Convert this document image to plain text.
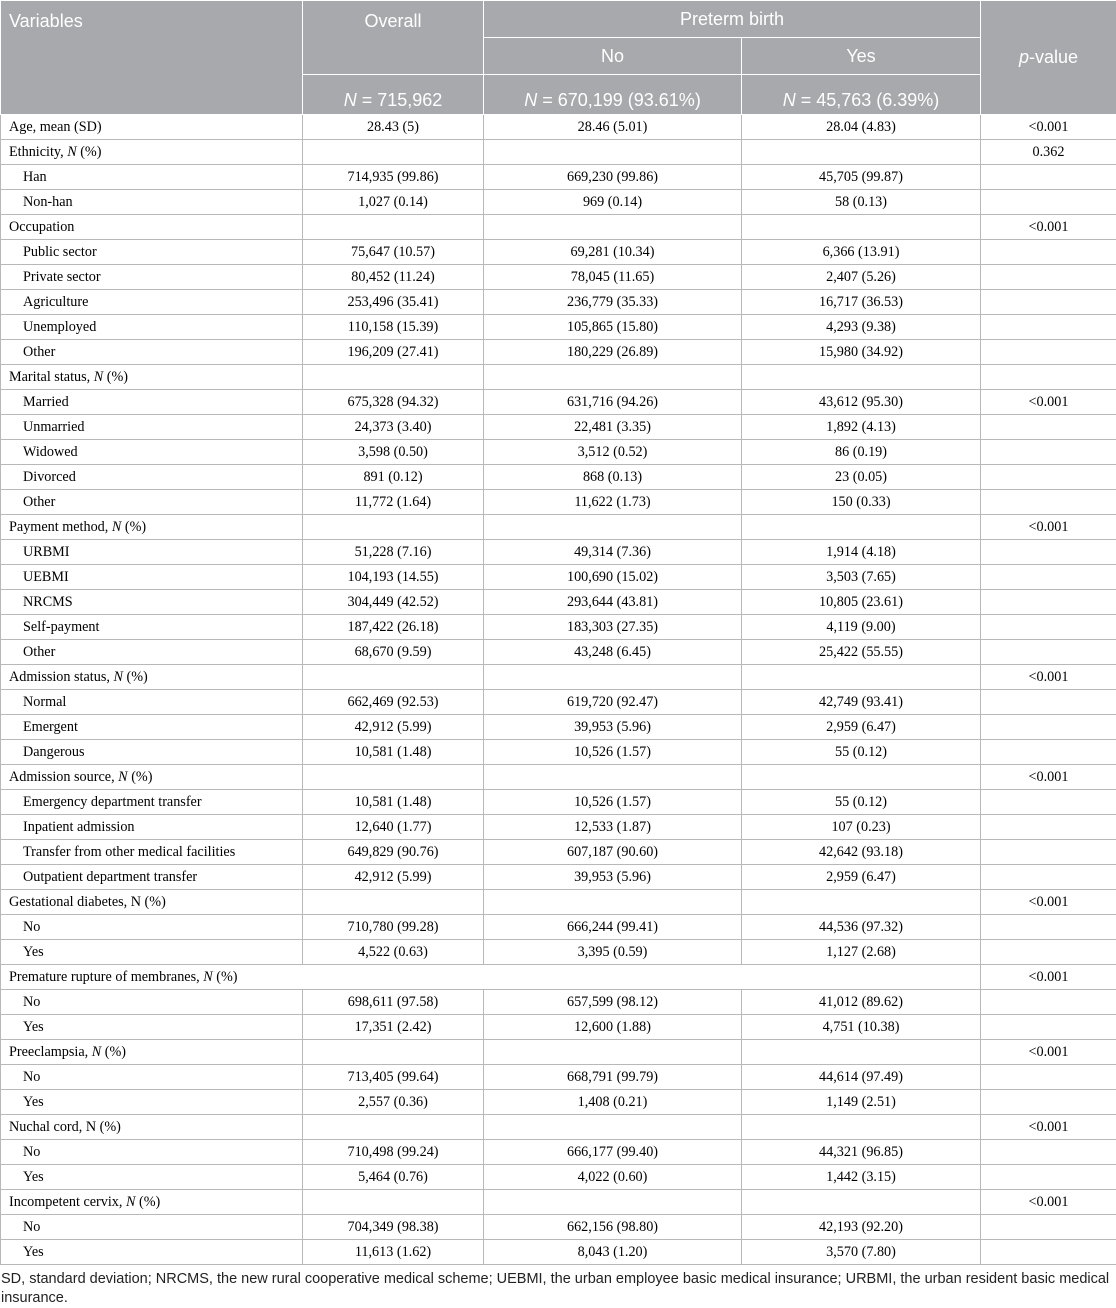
Variables	Overall	Preterm birth		p-value
		No	Yes	
	N = 715,962	N = 670,199 (93.61%)	N = 45,763 (6.39%)	
Age, mean (SD)	28.43 (5)	28.46 (5.01)	28.04 (4.83)	<0.001
Ethnicity, N (%)				0.362
Han	714,935 (99.86)	669,230 (99.86)	45,705 (99.87)	
Non-han	1,027 (0.14)	969 (0.14)	58 (0.13)	
Occupation				<0.001
Public sector	75,647 (10.57)	69,281 (10.34)	6,366 (13.91)	
Private sector	80,452 (11.24)	78,045 (11.65)	2,407 (5.26)	
Agriculture	253,496 (35.41)	236,779 (35.33)	16,717 (36.53)	
Unemployed	110,158 (15.39)	105,865 (15.80)	4,293 (9.38)	
Other	196,209 (27.41)	180,229 (26.89)	15,980 (34.92)	
Marital status, N (%)				
Married	675,328 (94.32)	631,716 (94.26)	43,612 (95.30)	<0.001
Unmarried	24,373 (3.40)	22,481 (3.35)	1,892 (4.13)	
Widowed	3,598 (0.50)	3,512 (0.52)	86 (0.19)	
Divorced	891 (0.12)	868 (0.13)	23 (0.05)	
Other	11,772 (1.64)	11,622 (1.73)	150 (0.33)	
Payment method, N (%)				<0.001
URBMI	51,228 (7.16)	49,314 (7.36)	1,914 (4.18)	
UEBMI	104,193 (14.55)	100,690 (15.02)	3,503 (7.65)	
NRCMS	304,449 (42.52)	293,644 (43.81)	10,805 (23.61)	
Self-payment	187,422 (26.18)	183,303 (27.35)	4,119 (9.00)	
Other	68,670 (9.59)	43,248 (6.45)	25,422 (55.55)	
Admission status, N (%)				<0.001
Normal	662,469 (92.53)	619,720 (92.47)	42,749 (93.41)	
Emergent	42,912 (5.99)	39,953 (5.96)	2,959 (6.47)	
Dangerous	10,581 (1.48)	10,526 (1.57)	55 (0.12)	
Admission source, N (%)				<0.001
Emergency department transfer	10,581 (1.48)	10,526 (1.57)	55 (0.12)	
Inpatient admission	12,640 (1.77)	12,533 (1.87)	107 (0.23)	
Transfer from other medical facilities	649,829 (90.76)	607,187 (90.60)	42,642 (93.18)	
Outpatient department transfer	42,912 (5.99)	39,953 (5.96)	2,959 (6.47)	
Gestational diabetes, N (%)				<0.001
No	710,780 (99.28)	666,244 (99.41)	44,536 (97.32)	
Yes	4,522 (0.63)	3,395 (0.59)	1,127 (2.68)	
Premature rupture of membranes, N (%)				<0.001
No	698,611 (97.58)	657,599 (98.12)	41,012 (89.62)	
Yes	17,351 (2.42)	12,600 (1.88)	4,751 (10.38)	
Preeclampsia, N (%)				<0.001
No	713,405 (99.64)	668,791 (99.79)	44,614 (97.49)	
Yes	2,557 (0.36)	1,408 (0.21)	1,149 (2.51)	
Nuchal cord, N (%)				<0.001
No	710,498 (99.24)	666,177 (99.40)	44,321 (96.85)	
Yes	5,464 (0.76)	4,022 (0.60)	1,442 (3.15)	
Incompetent cervix, N (%)				<0.001
No	704,349 (98.38)	662,156 (98.80)	42,193 (92.20)	
Yes	11,613 (1.62)	8,043 (1.20)	3,570 (7.80)	
SD, standard deviation; NRCMS, the new rural cooperative medical scheme; UEBMI, the urban employee basic medical insurance; URBMI, the urban resident basic medical insurance.
